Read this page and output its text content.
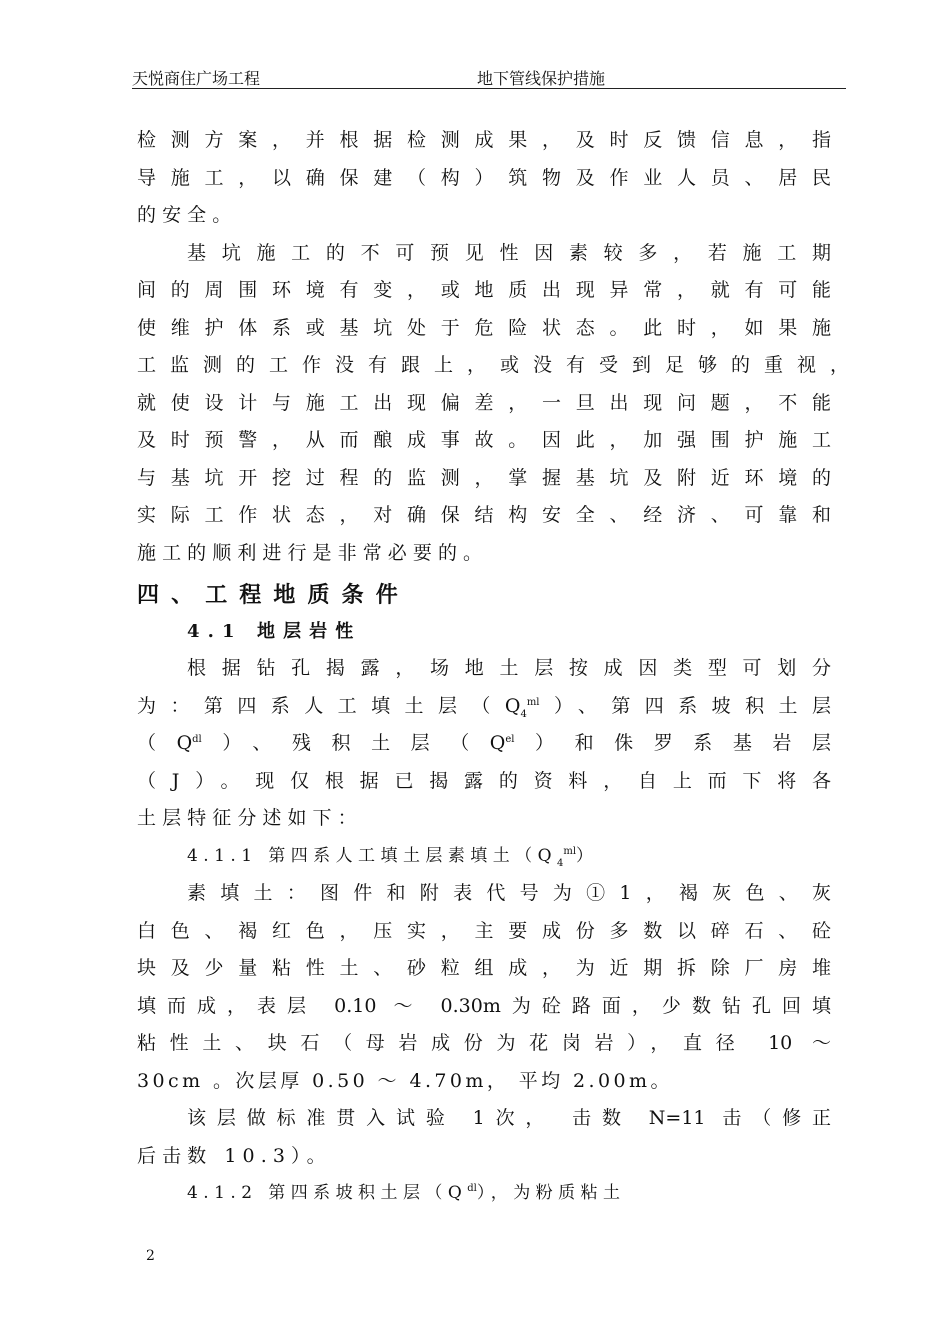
天悦商住广场工程	地下管线保护措施

检测方案，并根据检测成果，及时反馈信息，指

导施工，以确保建（构）筑物及作业人员、居民

的安全。

基坑施工的不可预见性因素较多，若施工期

间的周围环境有变，或地质出现异常，就有可能

使维护体系或基坑处于危险状态。此时，如果施

工监测的工作没有跟上，或没有受到足够的重视，

就使设计与施工出现偏差，一旦出现问题，不能

及时预警，从而酿成事故。因此，加强围护施工

与基坑开挖过程的监测，掌握基坑及附近环境的

实际工作状态，对确保结构安全、经济、可靠和

施工的顺利进行是非常必要的。

四、工程地质条件
4.1 地层岩性

根据钻孔揭露，场地土层按成因类型可划分

为：第四系人工填土层$(Q_4^{ml})$、第四系坡积土层

$(Q^{dl})$、残积土层$(Q^{el})$和侏罗系基岩层

（J）。现仅根据已揭露的资料，自上而下将各

土层特征分述如下：

4.1.1 第四系人工填土层素填土$(Q_4^{ml})$

素填土：图件和附表代号为①1，褐灰色、灰

白色、褐红色，压实，主要成份多数以碎石、砼

块及少量粘性土、砂粒组成，为近期拆除厂房堆

填而成，表层 0.10 ～ 0.30m为砼路面，少数钻孔回填

粘性土、块石（母岩成份为花岗岩），直径 10 ～

30cm 。次层厚 0.50 ～ 4.70m， 平均 2.00m。

该层做标准贯入试验 1次， 击数 N=11 击（修正

后击数 10.3）。

4.1.2 第四系坡积土层$(Q^{dl})$，为粉质粘土

2
